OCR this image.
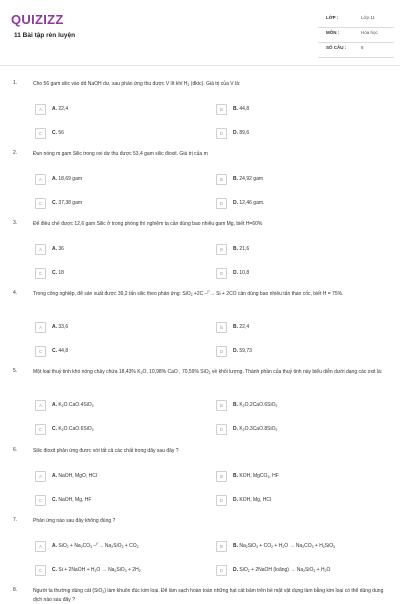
QUIZIZZ
11 Bài tập rèn luyện
LỚP :	Lớp 11
MÔN :	Hóa học
SỐ CÂU :	8
1.	Cho 56 gam silic vào dd NaOH dư, sau phản ứng thu được V lít khí $H_2$ (đktc). Giá trị của V là:
A	A. 22,4	B	B. 44,8
C	C. 56	D	D. 89,6
2.	Đun nóng m gam Silic trong oxi dư thu được 53,4 gam silic đioxit. Giá trị của m
A	A. 18,69 gam	B	B. 24,92 gam
C	C. 37,38 gam	D	D. 12,46 gam.
3.	Để điều chế được 12,6 gam Silic ở trong phòng thí nghiệm ta cần dùng bao nhiêu gam Mg, biết H=60%
A	A. 36	B	B. 21,6
C	C. 18	D	D. 10,8
4.	Trong công nghiệp, để sản xuất được 39,2 tấn silic theo phản ứng: SiO$_2$ +2C –$^{t^\circ}$→ Si + 2CO cần dùng bao nhiêu tấn than cốc, biết H = 75%.
A	A. 33,6	B	B. 22,4
C	C. 44,8	D	D. 59,73
5.	Một loại thuỷ tinh khó nóng chảy chứa 18,43% $K_2O$, 10,98% CaO , 70,59% SiO$_2$ về khối lượng. Thành phần của thuỷ tinh này biểu diễn dưới dạng các oxit là:
A	A. $K_2O.CaO.4SiO_2$	B	B. $K_2O.2CaO.6SiO_2$
C	C. $K_2O.CaO.6SiO_2$	D	D. $K_2O.3CaO.8SiO_2$
6.	Silic đioxit phản ứng được với tất cả các chất trong dãy sau đây ?
A	A. NaOH, MgO, HCl	B	B. KOH, MgCO$_3$, HF
C	C. NaOH, Mg, HF	D	D. KOH, Mg, HCl
7.	Phản ứng nào sau đây không đúng ?
A	A. $SiO_2 + Na_2CO_3$ $-^{t^\circ}\to Na_2SiO_3 + CO_2$	B	B. $Na_2SiO_3 + CO_2 + H_2O \to Na_2CO_3 + H_2SiO_3$
C	C. Si + 2NaOH + $H_2O \to Na_2SiO_3 + 2H_2$	D	D. SiO$_2$ + 2NaOH (loãng) → $Na_2SiO_3 + H_2O$
8.	Người ta thường dùng cát (SiO$_2$) làm khuôn đúc kim loại. Để làm sạch hoàn toàn những hạt cát bám trên bề mặt vật dụng làm bằng kim loại có thể dùng dung dịch nào sau đây ?
